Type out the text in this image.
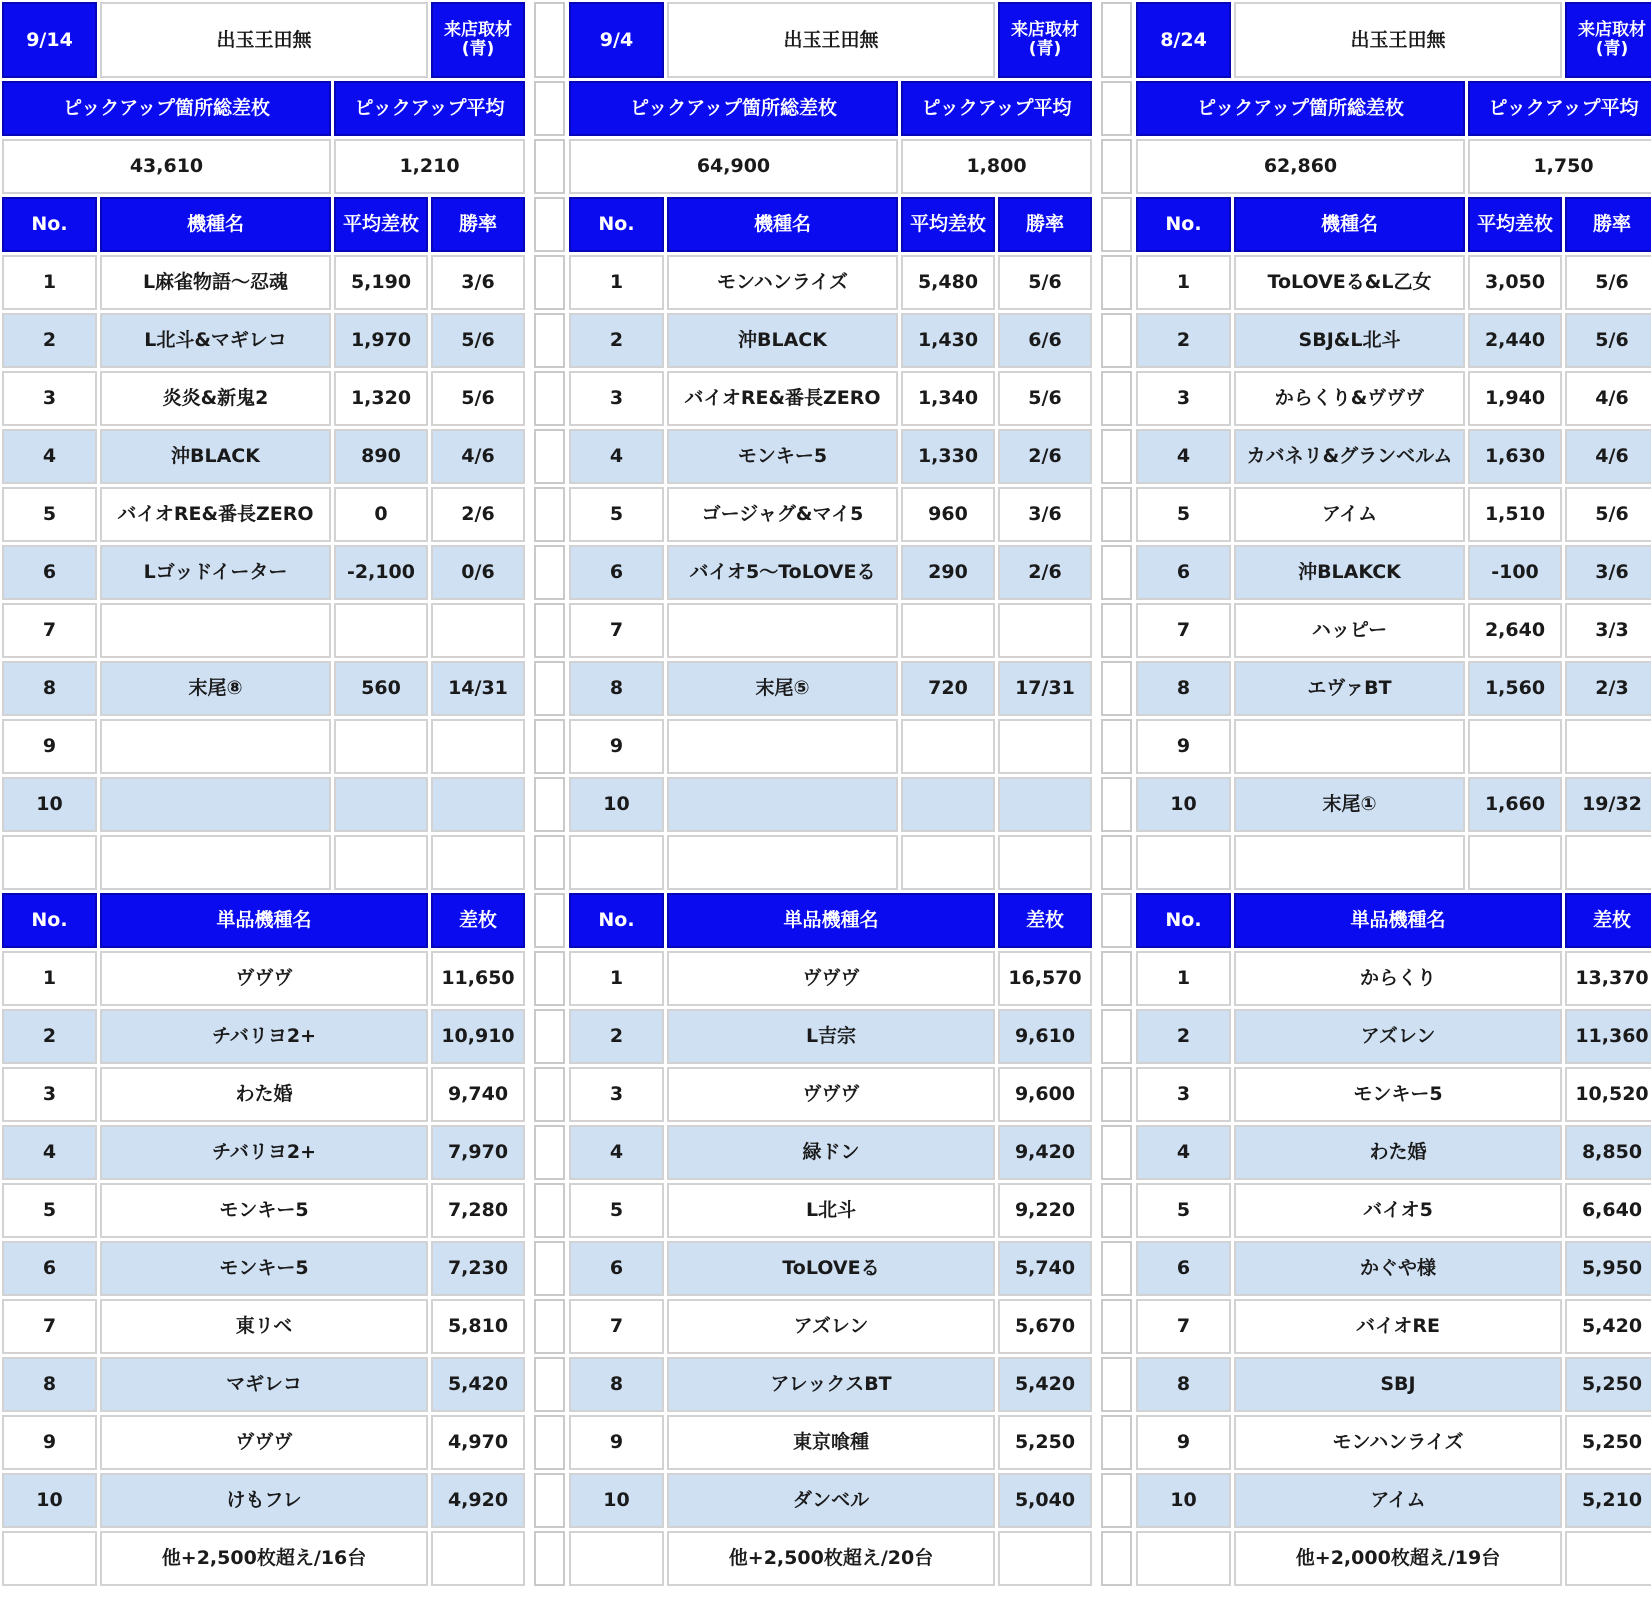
9/14	出玉王田無	来店取材
(青)
ピックアップ箇所総差枚	ピックアップ平均
43,610	1,210
No.	機種名	平均差枚	勝率
1	L麻雀物語～忍魂	5,190	3/6
2	L北斗&マギレコ	1,970	5/6
3	炎炎&新鬼2	1,320	5/6
4	沖BLACK	890	4/6
5	バイオRE&番長ZERO	0	2/6
6	Lゴッドイーター	-2,100	0/6
7
8	末尾⑧	560	14/31
9
10
No.	単品機種名	差枚
1	ヴヴヴ	11,650
2	チバリヨ2+	10,910
3	わた婚	9,740
4	チバリヨ2+	7,970
5	モンキー5	7,280
6	モンキー5	7,230
7	東リベ	5,810
8	マギレコ	5,420
9	ヴヴヴ	4,970
10	けもフレ	4,920
他+2,500枚超え/16台
9/4	出玉王田無	来店取材
(青)
ピックアップ箇所総差枚	ピックアップ平均
64,900	1,800
No.	機種名	平均差枚	勝率
1	モンハンライズ	5,480	5/6
2	沖BLACK	1,430	6/6
3	バイオRE&番長ZERO	1,340	5/6
4	モンキー5	1,330	2/6
5	ゴージャグ&マイ5	960	3/6
6	バイオ5～ToLOVEる	290	2/6
7
8	末尾⑤	720	17/31
9
10
No.	単品機種名	差枚
1	ヴヴヴ	16,570
2	L吉宗	9,610
3	ヴヴヴ	9,600
4	緑ドン	9,420
5	L北斗	9,220
6	ToLOVEる	5,740
7	アズレン	5,670
8	アレックスBT	5,420
9	東京喰種	5,250
10	ダンベル	5,040
他+2,500枚超え/20台
8/24	出玉王田無	来店取材
(青)
ピックアップ箇所総差枚	ピックアップ平均
62,860	1,750
No.	機種名	平均差枚	勝率
1	ToLOVEる&L乙女	3,050	5/6
2	SBJ&L北斗	2,440	5/6
3	からくり&ヴヴヴ	1,940	4/6
4	カバネリ&グランベルム	1,630	4/6
5	アイム	1,510	5/6
6	沖BLAKCK	-100	3/6
7	ハッピー	2,640	3/3
8	エヴァBT	1,560	2/3
9
10	末尾①	1,660	19/32
No.	単品機種名	差枚
1	からくり	13,370
2	アズレン	11,360
3	モンキー5	10,520
4	わた婚	8,850
5	バイオ5	6,640
6	かぐや様	5,950
7	バイオRE	5,420
8	SBJ	5,250
9	モンハンライズ	5,250
10	アイム	5,210
他+2,000枚超え/19台
